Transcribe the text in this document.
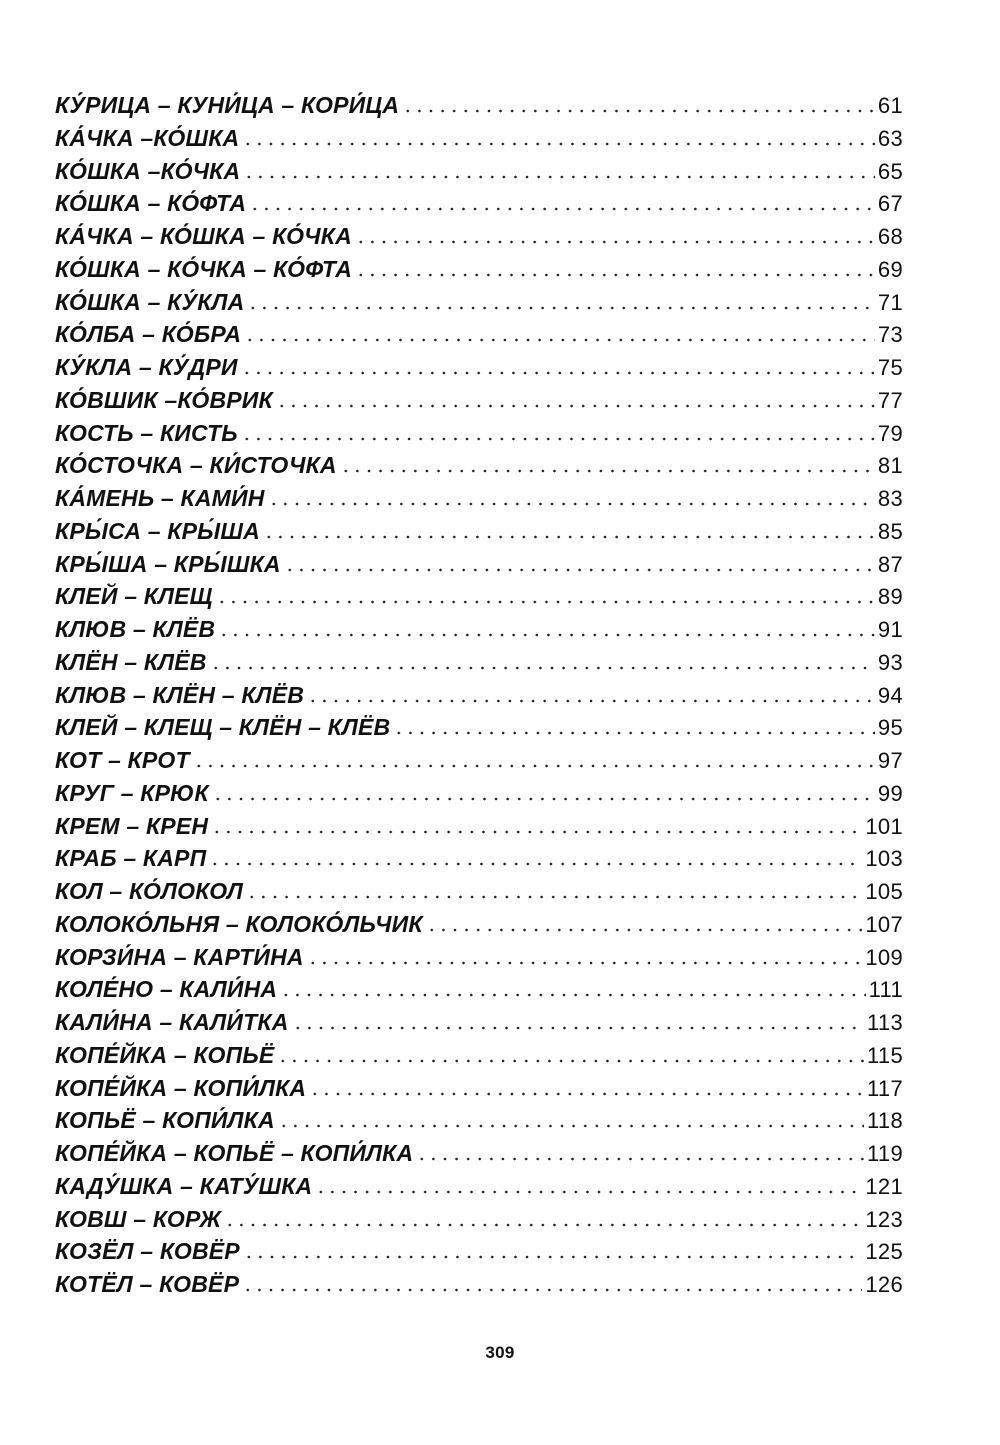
КУ́РИЦА – КУНИ́ЦА – КОРИ́ЦА	61
КА́ЧКА –КО́ШКА	63
КО́ШКА –КО́ЧКА	65
КО́ШКА – КО́ФТА	67
КА́ЧКА – КО́ШКА – КО́ЧКА	68
КО́ШКА – КО́ЧКА – КО́ФТА	69
КО́ШКА – КУ́КЛА	71
КО́ЛБА – КО́БРА	73
КУ́КЛА – КУ́ДРИ	75
КО́ВШИК –КО́ВРИК	77
КОСТЬ – КИСТЬ	79
КО́СТОЧКА – КИ́СТОЧКА	81
КА́МЕНЬ – КАМИ́Н	83
КРЫ́СА – КРЫ́ША	85
КРЫ́ША – КРЫ́ШКА	87
КЛЕЙ – КЛЕЩ	89
КЛЮВ – КЛЁВ	91
КЛЁН – КЛЁВ	93
КЛЮВ – КЛЁН – КЛЁВ	94
КЛЕЙ – КЛЕЩ – КЛЁН – КЛЁВ	95
КОТ – КРОТ	97
КРУГ – КРЮК	99
КРЕМ – КРЕН	101
КРАБ – КАРП	103
КОЛ – КО́ЛОКОЛ	105
КОЛОКО́ЛЬНЯ – КОЛОКО́ЛЬЧИК	107
КОРЗИ́НА – КАРТИ́НА	109
КОЛЕ́НО – КАЛИ́НА	111
КАЛИ́НА – КАЛИ́ТКА	113
КОПЕ́ЙКА – КОПЬЁ	115
КОПЕ́ЙКА – КОПИ́ЛКА	117
КОПЬЁ – КОПИ́ЛКА	118
КОПЕ́ЙКА – КОПЬЁ – КОПИ́ЛКА	119
КАДУ́ШКА – КАТУ́ШКА	121
КОВШ – КОРЖ	123
КОЗЁЛ – КОВЁР	125
КОТЁЛ – КОВЁР	126
309
